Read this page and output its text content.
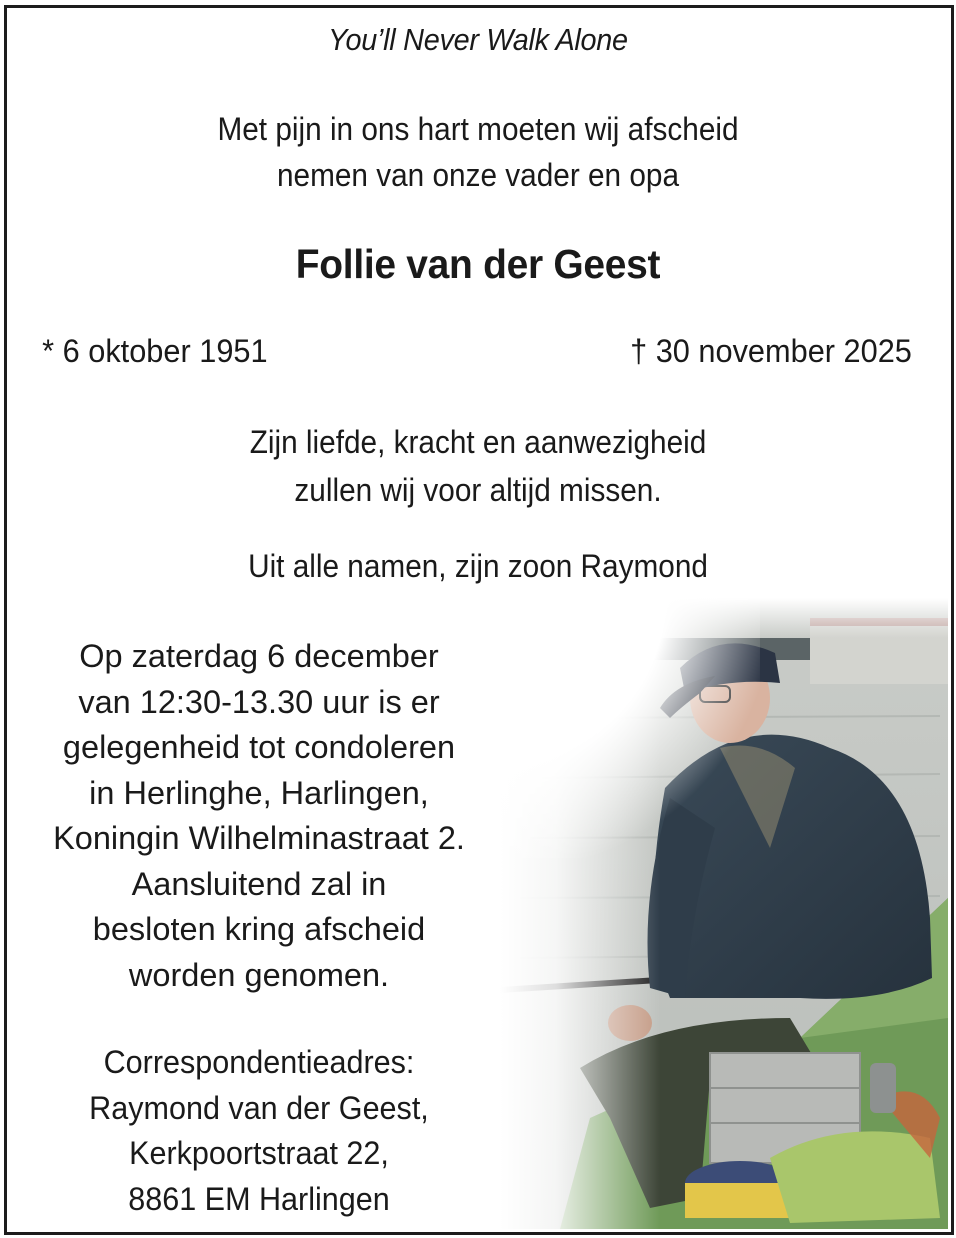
You’ll Never Walk Alone
Met pijn in ons hart moeten wij afscheid
nemen van onze vader en opa
Follie van der Geest
* 6 oktober 1951	† 30 november 2025
Zijn liefde, kracht en aanwezigheid
zullen wij voor altijd missen.
Uit alle namen, zijn zoon Raymond
Op zaterdag 6 december
van 12:30-13.30 uur is er
gelegenheid tot condoleren
in Herlinghe, Harlingen,
Koningin Wilhelminastraat 2.
Aansluitend zal in
besloten kring afscheid
worden genomen.
Correspondentieadres:
Raymond van der Geest,
Kerkpoortstraat 22,
8861 EM Harlingen
